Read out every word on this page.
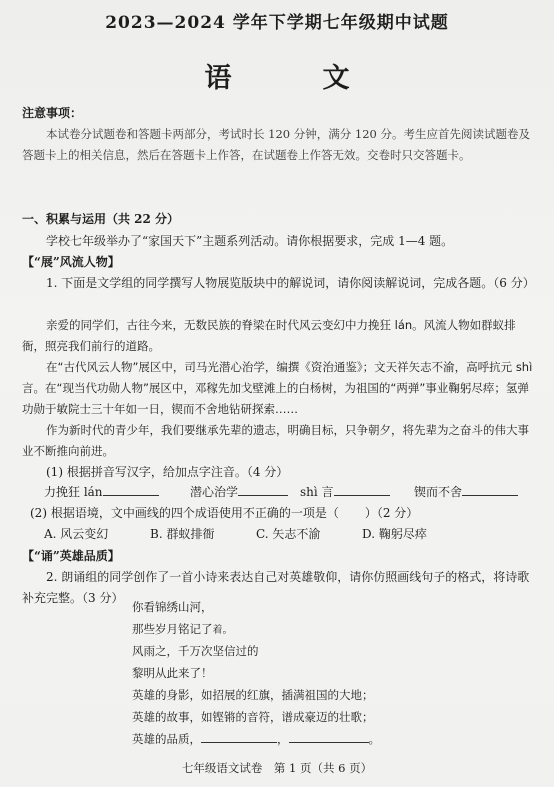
2023—2024 学年下学期七年级期中试题
语　文
注意事项：

本试卷分试题卷和答题卡两部分，考试时长 120 分钟，满分 120 分。考生应首先阅读试题卷及答题卡上的相关信息，然后在答题卡上作答，在试题卷上作答无效。交卷时只交答题卡。

一、积累与运用（共 22 分）
学校七年级举办了“家国天下”主题系列活动。请你根据要求，完成 1—4 题。
【“展”风流人物】
1. 下面是文学组的同学撰写人物展览版块中的解说词，请你阅读解说词，完成各题。（6 分）
亲爱的同学们，古往今来，无数民族的脊梁在时代风云变幻中力挽狂 lán。风流人物如群蚁排衙，照亮我们前行的道路。
在“古代风云人物”展区中，司马光潜心治学，编撰《资治通鉴》；文天祥矢志不渝，高呼抗元 shì 言。在“现当代功勋人物”展区中，邓稼先加戈壁滩上的白杨树，为祖国的“两弹”事业鞠躬尽瘁；氢弹功勋于敏院士三十年如一日，锲而不舍地钻研探索……
作为新时代的青少年，我们要继承先辈的遗志，明确目标，只争朝夕，将先辈为之奋斗的伟大事业不断推向前进。
(1) 根据拼音写汉字，给加点字注音。（4 分）
力挽狂 lán	潜心治学	shì 言	锲而不舍
(2) 根据语境，文中画线的四个成语使用不正确的一项是（ ）（2 分）
A. 风云变幻	B. 群蚁排衙	C. 矢志不渝	D. 鞠躬尽瘁
【“诵”英雄品质】
2. 朗诵组的同学创作了一首小诗来表达自己对英雄敬仰，请你仿照画线句子的格式，将诗歌补充完整。（3 分）
你看锦绣山河，
那些岁月铭记了着。
风雨之，千万次坚信过的
黎明从此来了！
英雄的身影，如招展的红旗，插满祖国的大地；
英雄的故事，如铿锵的音符，谱成豪迈的壮歌；
英雄的品质，	，	。
七年级语文试卷　第 1 页（共 6 页）
